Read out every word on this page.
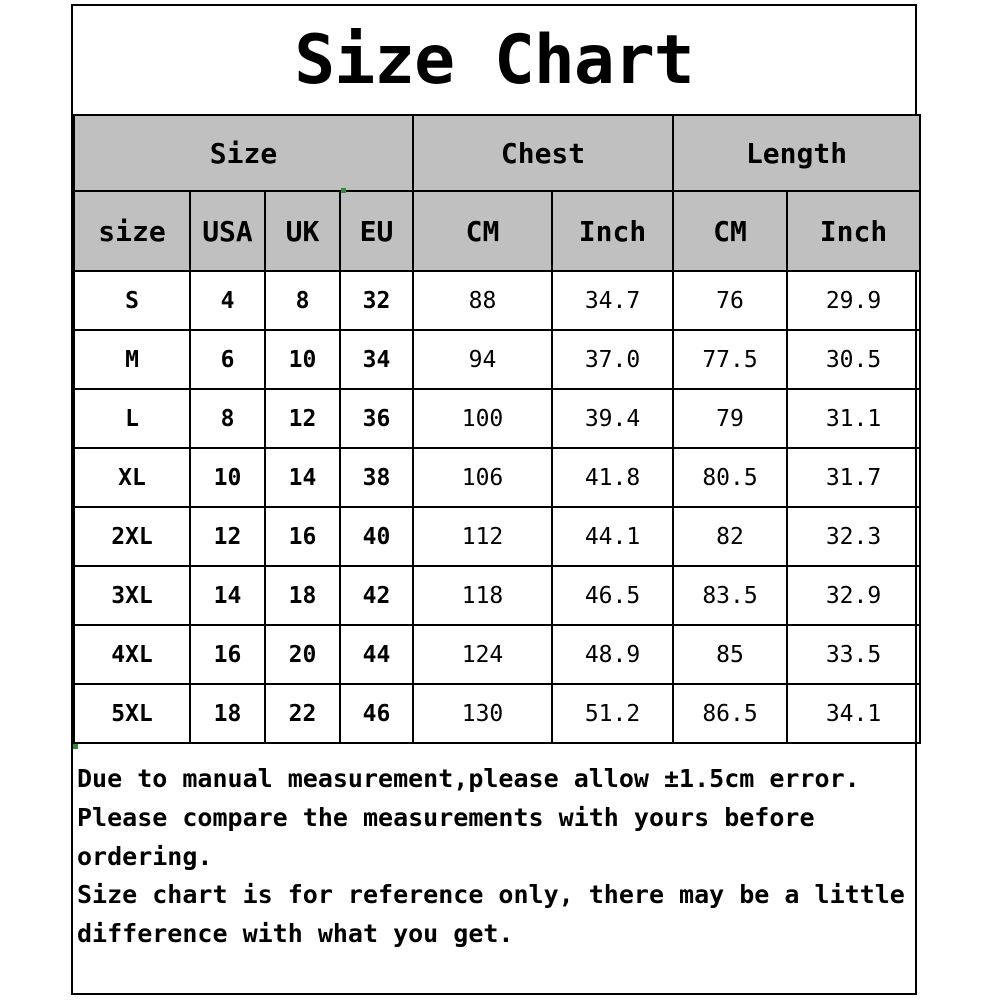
Size Chart
Size				Chest		Length	
size	USA	UK	EU	CM	Inch	CM	Inch
S	4	8	32	88	34.7	76	29.9
M	6	10	34	94	37.0	77.5	30.5
L	8	12	36	100	39.4	79	31.1
XL	10	14	38	106	41.8	80.5	31.7
2XL	12	16	40	112	44.1	82	32.3
3XL	14	18	42	118	46.5	83.5	32.9
4XL	16	20	44	124	48.9	85	33.5
5XL	18	22	46	130	51.2	86.5	34.1

Due to manual measurement,please allow ±1.5cm error.

Please compare the measurements with yours before ordering.

Size chart is for reference only, there may be a little difference with what you get.
